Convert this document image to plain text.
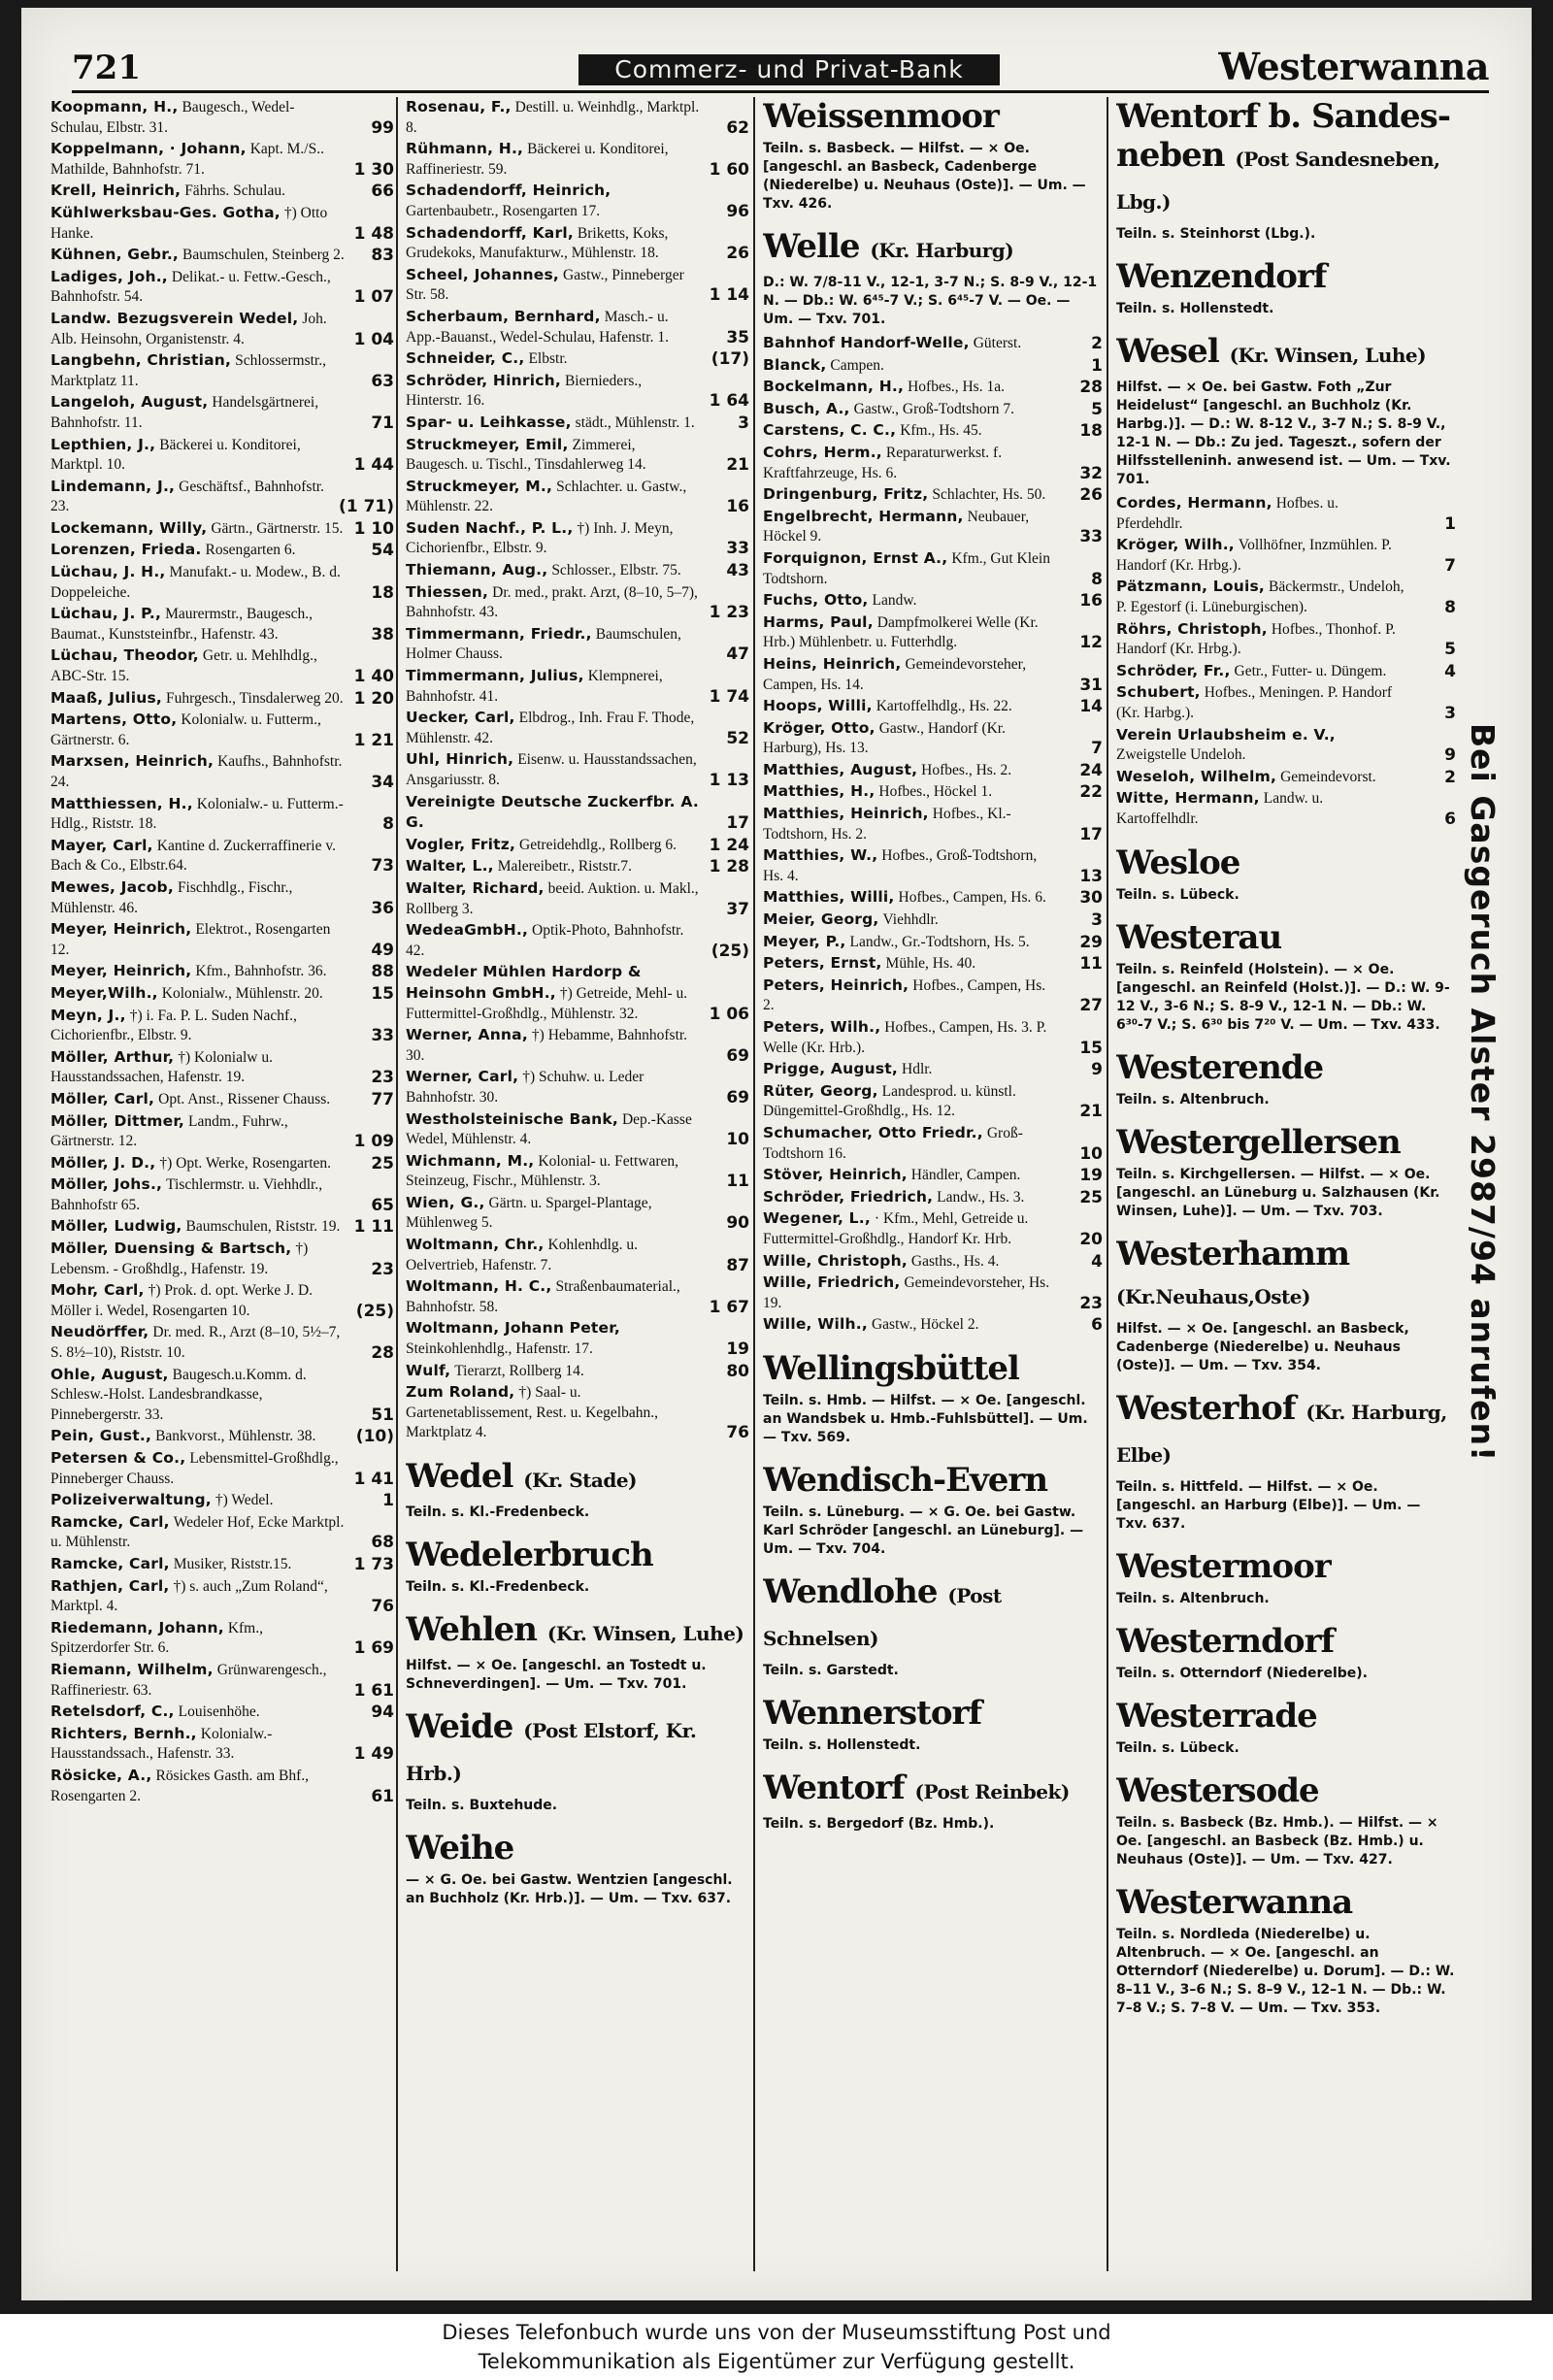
721	Commerz- und Privat-Bank	Westerwanna
Koopmann, H., Baugesch., Wedel-Schulau, Elbstr. 31.	99
Koppelmann, · Johann, Kapt. M./S.. Mathilde, Bahnhofstr. 71.	1 30
Krell, Heinrich, Fährhs. Schulau.	66
Kühlwerksbau-Ges. Gotha, †) Otto Hanke.	1 48
Kühnen, Gebr., Baumschulen, Steinberg 2. 83
Ladiges, Joh., Delikat.- u. Fettw.-Gesch., Bahnhofstr. 54.	1 07
Landw. Bezugsverein Wedel, Joh. Alb. Heinsohn, Organistenstr. 4.	1 04
Langbehn, Christian, Schlossermstr., Marktplatz 11.	63
Langeloh, August, Handelsgärtnerei, Bahnhofstr. 11.	71
Lepthien, J., Bäckerei u. Konditorei, Marktpl. 10.	1 44
Lindemann, J., Geschäftsf., Bahnhofstr. 23.	(1 71)
Lockemann, Willy, Gärtn., Gärtnerstr. 15. 1 10
Lorenzen, Frieda. Rosengarten 6.	54
Lüchau, J. H., Manufakt.- u. Modew., B. d. Doppeleiche.	18
Lüchau, J. P., Maurermstr., Baugesch., Baumat., Kunststeinfbr., Hafenstr. 43.	38
Lüchau, Theodor, Getr. u. Mehlhdlg., ABC-Str. 15.	1 40
Maaß, Julius, Fuhrgesch., Tinsdalerweg 20. 1 20
Martens, Otto, Kolonialw. u. Futterm., Gärtnerstr. 6.	1 21
Marxsen, Heinrich, Kaufhs., Bahnhofstr. 24.	34
Matthiessen, H., Kolonialw.- u. Futterm.-Hdlg., Riststr. 18.	8
Mayer, Carl, Kantine d. Zuckerraffinerie v. Bach & Co., Elbstr.64.	73
Mewes, Jacob, Fischhdlg., Fischr., Mühlenstr. 46.	36
Meyer, Heinrich, Elektrot., Rosengarten 12.	49
Meyer, Heinrich, Kfm., Bahnhofstr. 36.	88
Meyer,Wilh., Kolonialw., Mühlenstr. 20.	15
Meyn, J., †) i. Fa. P. L. Suden Nachf., Cichorienfbr., Elbstr. 9.	33
Möller, Arthur, †) Kolonialw u. Hausstandssachen, Hafenstr. 19.	23
Möller, Carl, Opt. Anst., Rissener Chauss. 77
Möller, Dittmer, Landm., Fuhrw., Gärtnerstr. 12.	1 09
Möller, J. D., †) Opt. Werke, Rosengarten. 25
Möller, Johs., Tischlermstr. u. Viehhdlr., Bahnhofstr 65.	65
Möller, Ludwig, Baumschulen, Riststr. 19. 1 11
Möller, Duensing & Bartsch, †) Lebensm. - Großhdlg., Hafenstr. 19.	23
Mohr, Carl, †) Prok. d. opt. Werke J. D. Möller i. Wedel, Rosengarten 10.	(25)
Neudörffer, Dr. med. R., Arzt (8–10, 5½–7, S. 8½–10), Riststr. 10.	28
Ohle, August, Baugesch.u.Komm. d. Schlesw.-Holst. Landesbrandkasse, Pinnebergerstr. 33.	51
Pein, Gust., Bankvorst., Mühlenstr. 38. (10)
Petersen & Co., Lebensmittel-Großhdlg., Pinneberger Chauss.	1 41
Polizeiverwaltung, †) Wedel.	1
Ramcke, Carl, Wedeler Hof, Ecke Marktpl. u. Mühlenstr.	68
Ramcke, Carl, Musiker, Riststr.15.	1 73
Rathjen, Carl, †) s. auch „Zum Roland“, Marktpl. 4.	76
Riedemann, Johann, Kfm., Spitzerdorfer Str. 6.	1 69
Riemann, Wilhelm, Grünwarengesch., Raffineriestr. 63.	1 61
Retelsdorf, C., Louisenhöhe.	94
Richters, Bernh., Kolonialw.-Hausstandssach., Hafenstr. 33.	1 49
Rösicke, A., Rösickes Gasth. am Bhf., Rosengarten 2.	61
Rosenau, F., Destill. u. Weinhdlg., Marktpl. 8.	62
Rühmann, H., Bäckerei u. Konditorei, Raffineriestr. 59.	1 60
Schadendorff, Heinrich, Gartenbaubetr., Rosengarten 17.	96
Schadendorff, Karl, Briketts, Koks, Grudekoks, Manufakturw., Mühlenstr. 18.	26
Scheel, Johannes, Gastw., Pinneberger Str. 58.	1 14
Scherbaum, Bernhard, Masch.- u. App.-Bauanst., Wedel-Schulau, Hafenstr. 1.	35
Schneider, C., Elbstr.	(17)
Schröder, Hinrich, Biernieders., Hinterstr. 16.	1 64
Spar- u. Leihkasse, städt., Mühlenstr. 1.	3
Struckmeyer, Emil, Zimmerei, Baugesch. u. Tischl., Tinsdahlerweg 14.	21
Struckmeyer, M., Schlachter. u. Gastw., Mühlenstr. 22.	16
Suden Nachf., P. L., †) Inh. J. Meyn, Cichorienfbr., Elbstr. 9.	33
Thiemann, Aug., Schlosser., Elbstr. 75.	43
Thiessen, Dr. med., prakt. Arzt, (8–10, 5–7), Bahnhofstr. 43.	1 23
Timmermann, Friedr., Baumschulen, Holmer Chauss.	47
Timmermann, Julius, Klempnerei, Bahnhofstr. 41.	1 74
Uecker, Carl, Elbdrog., Inh. Frau F. Thode, Mühlenstr. 42.	52
Uhl, Hinrich, Eisenw. u. Hausstandssachen, Ansgariusstr. 8.	1 13
Vereinigte Deutsche Zuckerfbr. A. G.	17
Vogler, Fritz, Getreidehdlg., Rollberg 6. 1 24
Walter, L., Malereibetr., Riststr.7.	1 28
Walter, Richard, beeid. Auktion. u. Makl., Rollberg 3.	37
WedeaGmbH., Optik-Photo, Bahnhofstr. 42.	(25)
Wedeler Mühlen Hardorp & Heinsohn GmbH., †) Getreide, Mehl- u. Futtermittel-Großhdlg., Mühlenstr. 32.	1 06
Werner, Anna, †) Hebamme, Bahnhofstr. 30.	69
Werner, Carl, †) Schuhw. u. Leder Bahnhofstr. 30.	69
Westholsteinische Bank, Dep.-Kasse Wedel, Mühlenstr. 4.	10
Wichmann, M., Kolonial- u. Fettwaren, Steinzeug, Fischr., Mühlenstr. 3.	11
Wien, G., Gärtn. u. Spargel-Plantage, Mühlenweg 5.	90
Woltmann, Chr., Kohlenhdlg. u. Oelvertrieb, Hafenstr. 7.	87
Woltmann, H. C., Straßenbaumaterial., Bahnhofstr. 58.	1 67
Woltmann, Johann Peter, Steinkohlenhdlg., Hafenstr. 17.	19
Wulf, Tierarzt, Rollberg 14.	80
Zum Roland, †) Saal- u. Gartenetablissement, Rest. u. Kegelbahn., Marktplatz 4.	76
Wedel (Kr. Stade)
Teiln. s. Kl.-Fredenbeck.
Wedelerbruch
Teiln. s. Kl.-Fredenbeck.
Wehlen (Kr. Winsen, Luhe)
Hilfst. — × Oe. [angeschl. an Tostedt u. Schneverdingen]. — Um. — Txv. 701.
Weide (Post Elstorf, Kr. Hrb.)
Teiln. s. Buxtehude.
Weihe
— × G. Oe. bei Gastw. Wentzien [angeschl. an Buchholz (Kr. Hrb.)]. — Um. — Txv. 637.
Weissenmoor
Teiln. s. Basbeck. — Hilfst. — × Oe. [angeschl. an Basbeck, Cadenberge (Niederelbe) u. Neuhaus (Oste)]. — Um. — Txv. 426.
Welle (Kr. Harburg)
D.: W. 7/8-11 V., 12-1, 3-7 N.; S. 8-9 V., 12-1 N. — Db.: W. 6⁴⁵-7 V.; S. 6⁴⁵-7 V. — Oe. — Um. — Txv. 701.
Bahnhof Handorf-Welle, Güterst.	2
Blanck, Campen.	1
Bockelmann, H., Hofbes., Hs. 1a.	28
Busch, A., Gastw., Groß-Todtshorn 7.	5
Carstens, C. C., Kfm., Hs. 45.	18
Cohrs, Herm., Reparaturwerkst. f. Kraftfahrzeuge, Hs. 6.	32
Dringenburg, Fritz, Schlachter, Hs. 50. 26
Engelbrecht, Hermann, Neubauer, Höckel 9.	33
Forquignon, Ernst A., Kfm., Gut Klein Todtshorn.	8
Fuchs, Otto, Landw.	16
Harms, Paul, Dampfmolkerei Welle (Kr. Hrb.) Mühlenbetr. u. Futterhdlg.	12
Heins, Heinrich, Gemeindevorsteher, Campen, Hs. 14.	31
Hoops, Willi, Kartoffelhdlg., Hs. 22.	14
Kröger, Otto, Gastw., Handorf (Kr. Harburg), Hs. 13.	7
Matthies, August, Hofbes., Hs. 2.	24
Matthies, H., Hofbes., Höckel 1.	22
Matthies, Heinrich, Hofbes., Kl.-Todtshorn, Hs. 2.	17
Matthies, W., Hofbes., Groß-Todtshorn, Hs. 4.	13
Matthies, Willi, Hofbes., Campen, Hs. 6. 30
Meier, Georg, Viehhdlr.	3
Meyer, P., Landw., Gr.-Todtshorn, Hs. 5.	29
Peters, Ernst, Mühle, Hs. 40.	11
Peters, Heinrich, Hofbes., Campen, Hs. 2.	27
Peters, Wilh., Hofbes., Campen, Hs. 3. P. Welle (Kr. Hrb.).	15
Prigge, August, Hdlr.	9
Rüter, Georg, Landesprod. u. künstl. Düngemittel-Großhdlg., Hs. 12.	21
Schumacher, Otto Friedr., Groß-Todtshorn 16.	10
Stöver, Heinrich, Händler, Campen.	19
Schröder, Friedrich, Landw., Hs. 3.	25
Wegener, L., · Kfm., Mehl, Getreide u. Futtermittel-Großhdlg., Handorf Kr. Hrb.	20
Wille, Christoph, Gasths., Hs. 4.	4
Wille, Friedrich, Gemeindevorsteher, Hs. 19.	23
Wille, Wilh., Gastw., Höckel 2.	6
Wellingsbüttel
Teiln. s. Hmb. — Hilfst. — × Oe. [angeschl. an Wandsbek u. Hmb.-Fuhlsbüttel]. — Um. — Txv. 569.
Wendisch-Evern
Teiln. s. Lüneburg. — × G. Oe. bei Gastw. Karl Schröder [angeschl. an Lüneburg]. — Um. — Txv. 704.
Wendlohe (Post Schnelsen)
Teiln. s. Garstedt.
Wennerstorf
Teiln. s. Hollenstedt.
Wentorf (Post Reinbek)
Teiln. s. Bergedorf (Bz. Hmb.).
Wentorf b. Sandes-
neben (Post Sandesneben, Lbg.)
Teiln. s. Steinhorst (Lbg.).
Wenzendorf
Teiln. s. Hollenstedt.
Wesel (Kr. Winsen, Luhe)
Hilfst. — × Oe. bei Gastw. Foth „Zur Heidelust“ [angeschl. an Buchholz (Kr. Harbg.)]. — D.: W. 8-12 V., 3-7 N.; S. 8-9 V., 12-1 N. — Db.: Zu jed. Tageszt., sofern der Hilfsstelleninh. anwesend ist. — Um. — Txv. 701.
Cordes, Hermann, Hofbes. u. Pferdehdlr.	1
Kröger, Wilh., Vollhöfner, Inzmühlen. P. Handorf (Kr. Hrbg.).	7
Pätzmann, Louis, Bäckermstr., Undeloh, P. Egestorf (i. Lüneburgischen).	8
Röhrs, Christoph, Hofbes., Thonhof. P. Handorf (Kr. Hrbg.).	5
Schröder, Fr., Getr., Futter- u. Düngem.	4
Schubert, Hofbes., Meningen. P. Handorf (Kr. Harbg.).	3
Verein Urlaubsheim e. V., Zweigstelle Undeloh.	9
Weseloh, Wilhelm, Gemeindevorst.	2
Witte, Hermann, Landw. u. Kartoffelhdlr.	6
Wesloe
Teiln. s. Lübeck.
Westerau
Teiln. s. Reinfeld (Holstein). — × Oe. [angeschl. an Reinfeld (Holst.)]. — D.: W. 9-12 V., 3-6 N.; S. 8-9 V., 12-1 N. — Db.: W. 6³⁰-7 V.; S. 6³⁰ bis 7²⁰ V. — Um. — Txv. 433.
Westerende
Teiln. s. Altenbruch.
Westergellersen
Teiln. s. Kirchgellersen. — Hilfst. — × Oe. [angeschl. an Lüneburg u. Salzhausen (Kr. Winsen, Luhe)]. — Um. — Txv. 703.
Westerhamm (Kr.Neuhaus,Oste)
Hilfst. — × Oe. [angeschl. an Basbeck, Cadenberge (Niederelbe) u. Neuhaus (Oste)]. — Um. — Txv. 354.
Westerhof (Kr. Harburg, Elbe)
Teiln. s. Hittfeld. — Hilfst. — × Oe. [angeschl. an Harburg (Elbe)]. — Um. — Txv. 637.
Westermoor
Teiln. s. Altenbruch.
Westerndorf
Teiln. s. Otterndorf (Niederelbe).
Westerrade
Teiln. s. Lübeck.
Westersode
Teiln. s. Basbeck (Bz. Hmb.). — Hilfst. — × Oe. [angeschl. an Basbeck (Bz. Hmb.) u. Neuhaus (Oste)]. — Um. — Txv. 427.
Westerwanna
Teiln. s. Nordleda (Niederelbe) u. Altenbruch. — × Oe. [angeschl. an Otterndorf (Niederelbe) u. Dorum]. — D.: W. 8–11 V., 3–6 N.; S. 8–9 V., 12–1 N. — Db.: W. 7–8 V.; S. 7–8 V. — Um. — Txv. 353.
Bei Gasgeruch Alster 2987/94 anrufen!
Dieses Telefonbuch wurde uns von der Museumsstiftung Post und
Telekommunikation als Eigentümer zur Verfügung gestellt.
